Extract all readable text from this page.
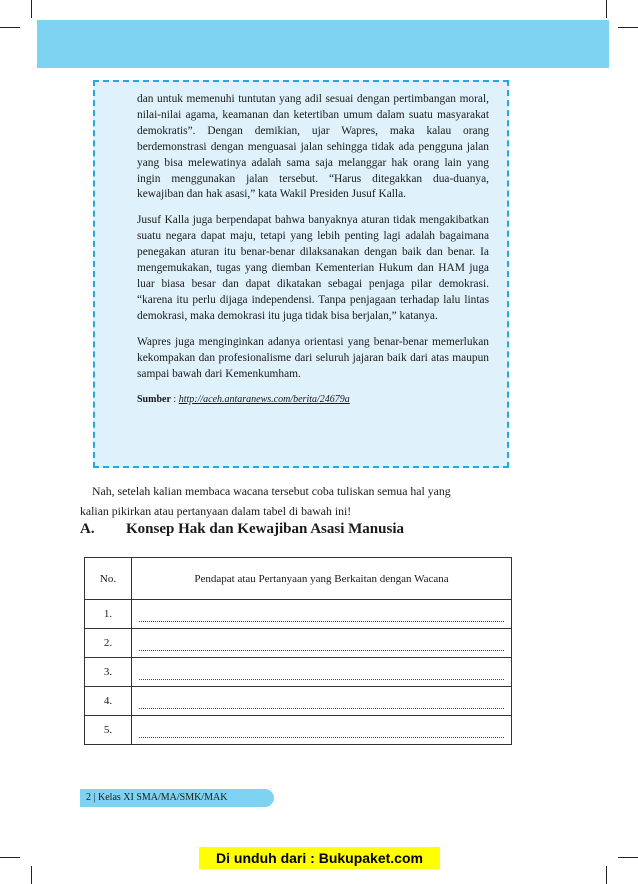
dan untuk memenuhi tuntutan yang adil sesuai dengan pertimbangan moral, nilai-nilai agama, keamanan dan ketertiban umum dalam suatu masyarakat demokratis”. Dengan demikian, ujar Wapres, maka kalau orang berdemonstrasi dengan menguasai jalan sehingga tidak ada pengguna jalan yang bisa melewatinya adalah sama saja melanggar hak orang lain yang ingin menggunakan jalan tersebut. “Harus ditegakkan dua-duanya, kewajiban dan hak asasi,” kata Wakil Presiden Jusuf Kalla.

Jusuf Kalla juga berpendapat bahwa banyaknya aturan tidak mengakibatkan suatu negara dapat maju, tetapi yang lebih penting lagi adalah bagaimana penegakan aturan itu benar-benar dilaksanakan dengan baik dan benar. Ia mengemukakan, tugas yang diemban Kementerian Hukum dan HAM juga luar biasa besar dan dapat dikatakan sebagai penjaga pilar demokrasi. “karena itu perlu dijaga independensi. Tanpa penjagaan terhadap lalu lintas demokrasi, maka demokrasi itu juga tidak bisa berjalan,” katanya.

Wapres juga menginginkan adanya orientasi yang benar-benar memerlukan kekompakan dan profesionalisme dari seluruh jajaran baik dari atas maupun sampai bawah dari Kemenkumham.

Sumber : http://aceh.antaranews.com/berita/24679a
Nah, setelah kalian membaca wacana tersebut coba tuliskan semua hal yang
kalian pikirkan atau pertanyaan dalam tabel di bawah ini!
A. Konsep Hak dan Kewajiban Asasi Manusia
No.	Pendapat atau Pertanyaan yang Berkaitan dengan Wacana
1.	

2.	

3.	

4.	

5.	
2 | Kelas XI SMA/MA/SMK/MAK
Di unduh dari : Bukupaket.com
